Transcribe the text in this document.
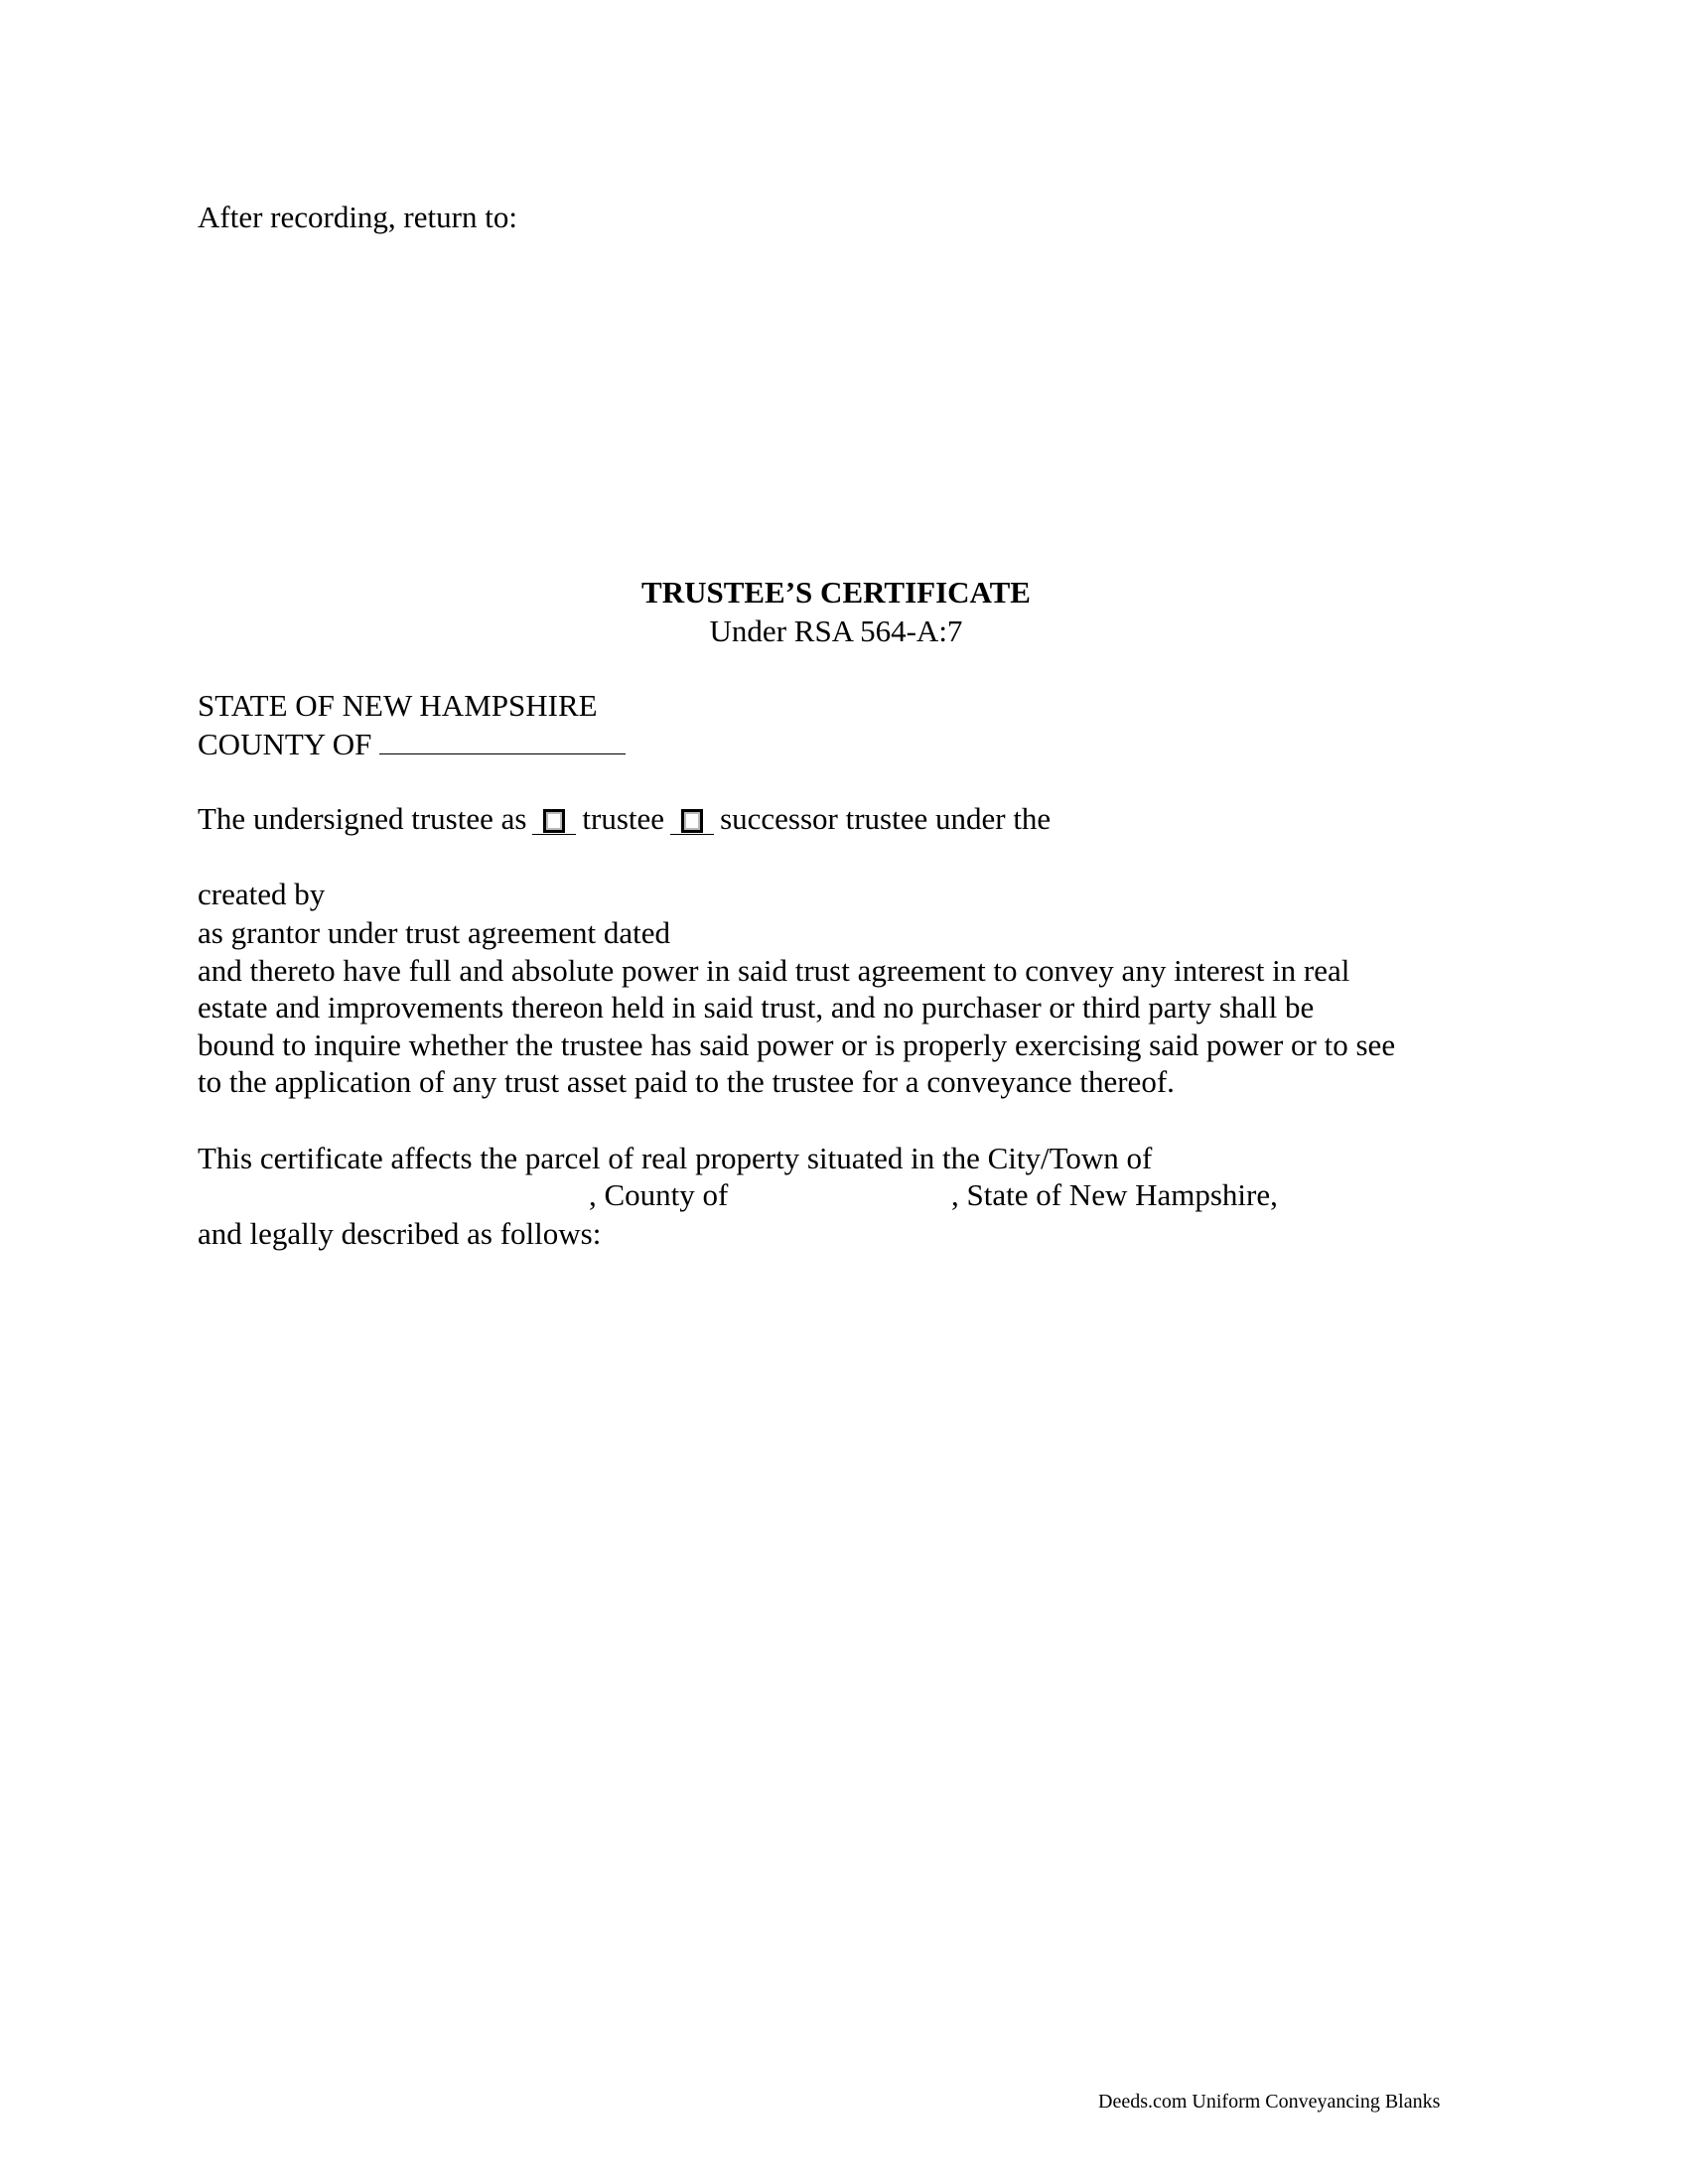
After recording, return to:
TRUSTEE’S CERTIFICATE
Under RSA 564-A:7
STATE OF NEW HAMPSHIRE
COUNTY OF
The undersigned trustee as trustee successor trustee under the
created by
as grantor under trust agreement dated
and thereto have full and absolute power in said trust agreement to convey any interest in real
estate and improvements thereon held in said trust, and no purchaser or third party shall be
bound to inquire whether the trustee has said power or is properly exercising said power or to see
to the application of any trust asset paid to the trustee for a conveyance thereof.
This certificate affects the parcel of real property situated in the City/Town of
, County of	, State of New Hampshire,
and legally described as follows:
Deeds.com Uniform Conveyancing Blanks
